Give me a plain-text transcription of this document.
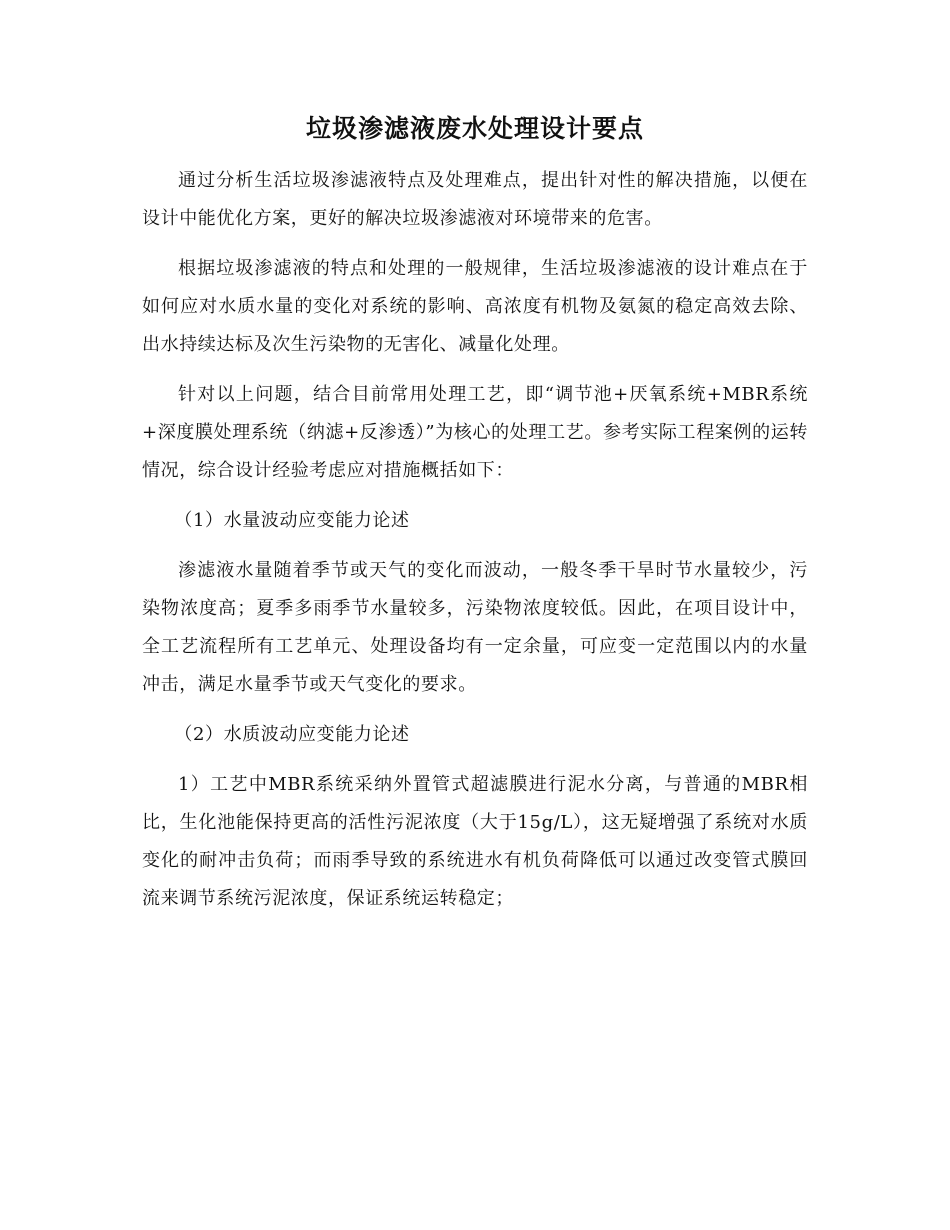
垃圾渗滤液废水处理设计要点

通过分析生活垃圾渗滤液特点及处理难点，提出针对性的解决措施，以便在设计中能优化方案，更好的解决垃圾渗滤液对环境带来的危害。

根据垃圾渗滤液的特点和处理的一般规律，生活垃圾渗滤液的设计难点在于如何应对水质水量的变化对系统的影响、高浓度有机物及氨氮的稳定高效去除、出水持续达标及次生污染物的无害化、减量化处理。

针对以上问题，结合目前常用处理工艺，即“调节池+厌氧系统+MBR系统+深度膜处理系统（纳滤+反渗透）”为核心的处理工艺。参考实际工程案例的运转情况，综合设计经验考虑应对措施概括如下：

（1）水量波动应变能力论述

渗滤液水量随着季节或天气的变化而波动，一般冬季干旱时节水量较少，污染物浓度高；夏季多雨季节水量较多，污染物浓度较低。因此，在项目设计中，全工艺流程所有工艺单元、处理设备均有一定余量，可应变一定范围以内的水量冲击，满足水量季节或天气变化的要求。

（2）水质波动应变能力论述

1）工艺中MBR系统采纳外置管式超滤膜进行泥水分离，与普通的MBR相比，生化池能保持更高的活性污泥浓度（大于15g/L），这无疑增强了系统对水质变化的耐冲击负荷；而雨季导致的系统进水有机负荷降低可以通过改变管式膜回流来调节系统污泥浓度，保证系统运转稳定；
